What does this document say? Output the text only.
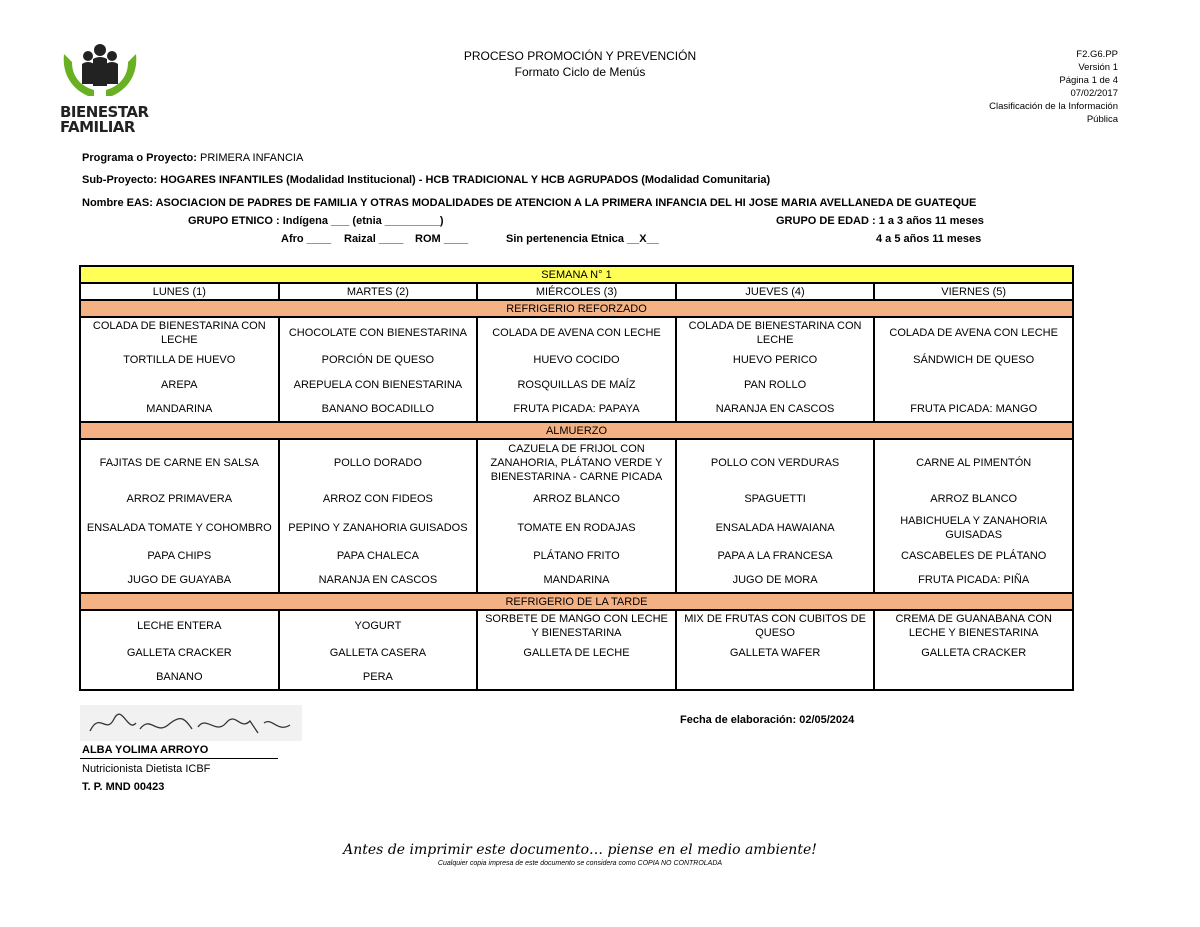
BIENESTAR
FAMILIAR
PROCESO PROMOCIÓN Y PREVENCIÓN
Formato Ciclo de Menús
F2.G6.PP
Versión 1
Página 1 de 4
07/02/2017
Clasificación de la Información
Pública
Programa o Proyecto: PRIMERA INFANCIA
Sub-Proyecto: HOGARES INFANTILES (Modalidad Institucional) - HCB TRADICIONAL Y HCB AGRUPADOS (Modalidad Comunitaria)
Nombre EAS: ASOCIACION DE PADRES DE FAMILIA Y OTRAS MODALIDADES DE ATENCION A LA PRIMERA INFANCIA DEL HI JOSE MARIA AVELLANEDA DE GUATEQUE
GRUPO ETNICO : Indígena ___ (etnia _________)
Afro ____ Raizal ____ ROM ____	Sin pertenencia Etnica __X__
GRUPO DE EDAD : 1 a 3 años 11 meses
4 a 5 años 11 meses
SEMANA N° 1				
LUNES (1)	MARTES (2)	MIÉRCOLES (3)	JUEVES (4)	VIERNES (5)
REFRIGERIO REFORZADO				
COLADA DE BIENESTARINA CON LECHE	CHOCOLATE CON BIENESTARINA	COLADA DE AVENA CON LECHE	COLADA DE BIENESTARINA CON LECHE	COLADA DE AVENA CON LECHE
TORTILLA DE HUEVO	PORCIÓN DE QUESO	HUEVO COCIDO	HUEVO PERICO	SÁNDWICH DE QUESO
AREPA	AREPUELA CON BIENESTARINA	ROSQUILLAS DE MAÍZ	PAN ROLLO	
MANDARINA	BANANO BOCADILLO	FRUTA PICADA: PAPAYA	NARANJA EN CASCOS	FRUTA PICADA: MANGO
ALMUERZO				
FAJITAS DE CARNE EN SALSA	POLLO DORADO	CAZUELA DE FRIJOL CON ZANAHORIA, PLÁTANO VERDE Y BIENESTARINA - CARNE PICADA	POLLO CON VERDURAS	CARNE AL PIMENTÓN
ARROZ PRIMAVERA	ARROZ CON FIDEOS	ARROZ BLANCO	SPAGUETTI	ARROZ BLANCO
ENSALADA TOMATE Y COHOMBRO	PEPINO Y ZANAHORIA GUISADOS	TOMATE EN RODAJAS	ENSALADA HAWAIANA	HABICHUELA Y ZANAHORIA GUISADAS
PAPA CHIPS	PAPA CHALECA	PLÁTANO FRITO	PAPA A LA FRANCESA	CASCABELES DE PLÁTANO
JUGO DE GUAYABA	NARANJA EN CASCOS	MANDARINA	JUGO DE MORA	FRUTA PICADA: PIÑA
REFRIGERIO DE LA TARDE				
LECHE ENTERA	YOGURT	SORBETE DE MANGO CON LECHE Y BIENESTARINA	MIX DE FRUTAS CON CUBITOS DE QUESO	CREMA DE GUANABANA CON LECHE Y BIENESTARINA
GALLETA CRACKER	GALLETA CASERA	GALLETA DE LECHE	GALLETA WAFER	GALLETA CRACKER
BANANO	PERA			
ALBA YOLIMA ARROYO
Nutricionista Dietista ICBF
T. P. MND 00423
Fecha de elaboración: 02/05/2024
Antes de imprimir este documento… piense en el medio ambiente!
Cualquier copia impresa de este documento se considera como COPIA NO CONTROLADA
